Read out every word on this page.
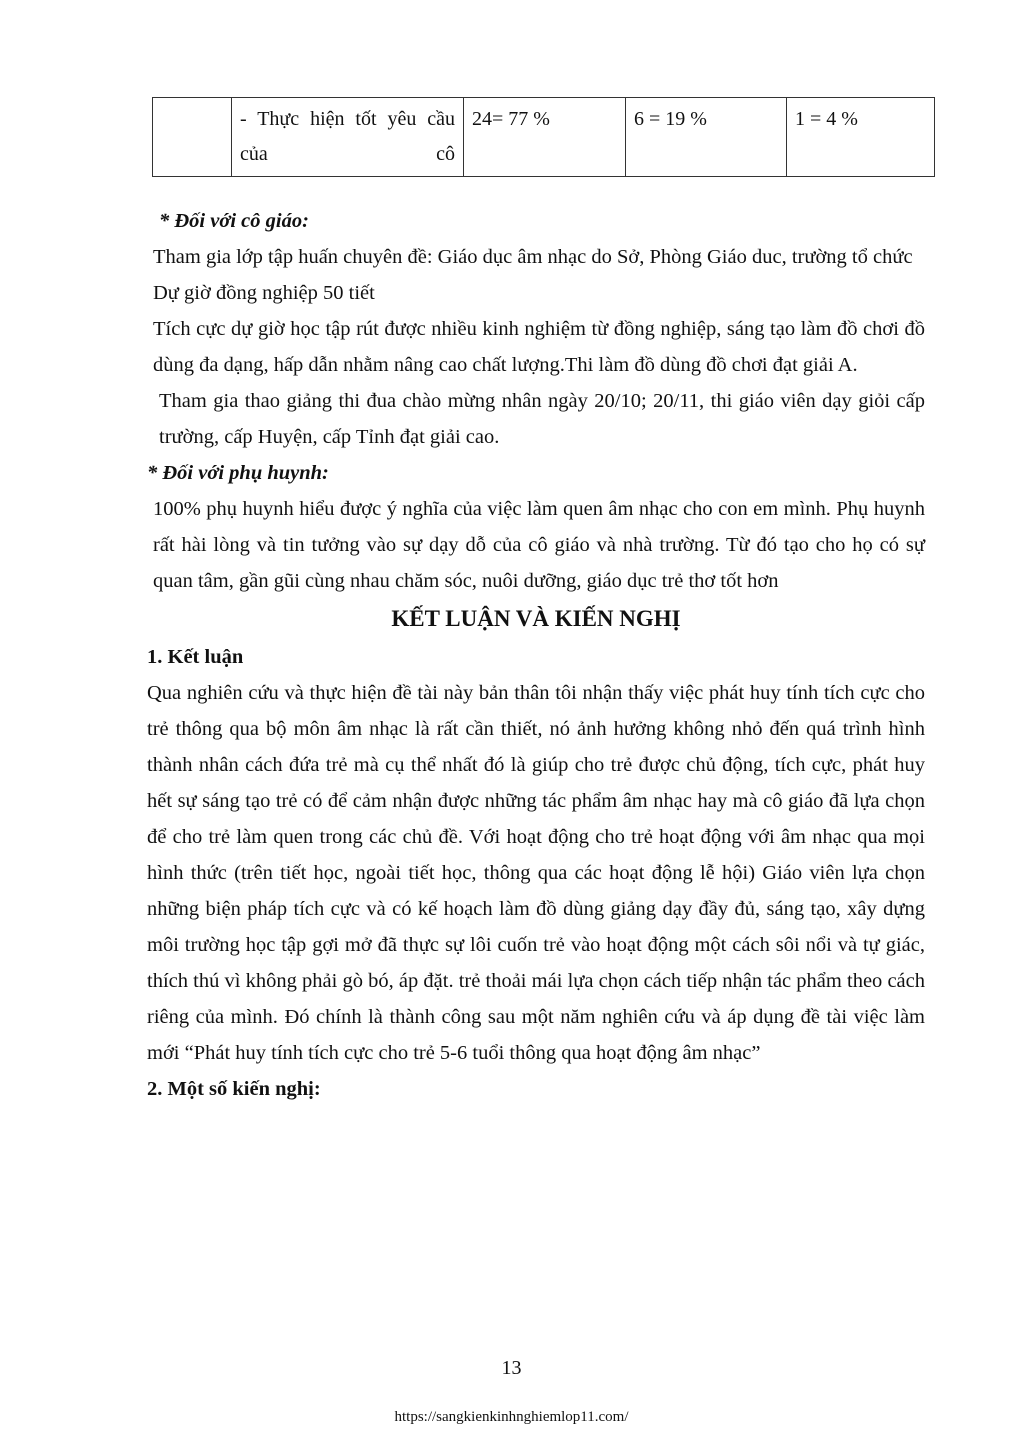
	- Thực hiện tốt yêu cầu của cô	24= 77 %	6 = 19 %	1 = 4 %

* Đối với cô giáo:

Tham gia lớp tập huấn chuyên đề: Giáo dục âm nhạc do Sở, Phòng Giáo duc, trường tổ chức

Dự giờ đồng nghiệp 50 tiết

Tích cực dự giờ học tập rút được nhiều kinh nghiệm từ đồng nghiệp, sáng tạo làm đồ chơi đồ dùng đa dạng, hấp dẫn nhằm nâng cao chất lượng.Thi làm đồ dùng đồ chơi đạt giải A.

Tham gia thao giảng thi đua chào mừng nhân ngày 20/10; 20/11, thi giáo viên dạy giỏi cấp trường, cấp Huyện, cấp Tỉnh đạt giải cao.

* Đối với phụ huynh:

100% phụ huynh hiểu được ý nghĩa của việc làm quen âm nhạc cho con em mình. Phụ huynh rất hài lòng và tin tưởng vào sự dạy dỗ của cô giáo và nhà trường. Từ đó tạo cho họ có sự quan tâm, gần gũi cùng nhau chăm sóc, nuôi dưỡng, giáo dục trẻ thơ tốt hơn

KẾT LUẬN VÀ KIẾN NGHỊ

1. Kết luận

Qua nghiên cứu và thực hiện đề tài này bản thân tôi nhận thấy việc phát huy tính tích cực cho trẻ thông qua bộ môn âm nhạc là rất cần thiết, nó ảnh hưởng không nhỏ đến quá trình hình thành nhân cách đứa trẻ mà cụ thể nhất đó là giúp cho trẻ được chủ động, tích cực, phát huy hết sự sáng tạo trẻ có để cảm nhận được những tác phẩm âm nhạc hay mà cô giáo đã lựa chọn để cho trẻ làm quen trong các chủ đề. Với hoạt động cho trẻ hoạt động với âm nhạc qua mọi hình thức (trên tiết học, ngoài tiết học, thông qua các hoạt động lễ hội) Giáo viên lựa chọn những biện pháp tích cực và có kế hoạch làm đồ dùng giảng dạy đầy đủ, sáng tạo, xây dựng môi trường học tập gợi mở đã thực sự lôi cuốn trẻ vào hoạt động một cách sôi nổi và tự giác, thích thú vì không phải gò bó, áp đặt. trẻ thoải mái lựa chọn cách tiếp nhận tác phẩm theo cách riêng của mình. Đó chính là thành công sau một năm nghiên cứu và áp dụng đề tài việc làm mới “Phát huy tính tích cực cho trẻ 5-6 tuổi thông qua hoạt động âm nhạc”

2. Một số kiến nghị:

13
https://sangkienkinhnghiemlop11.com/
